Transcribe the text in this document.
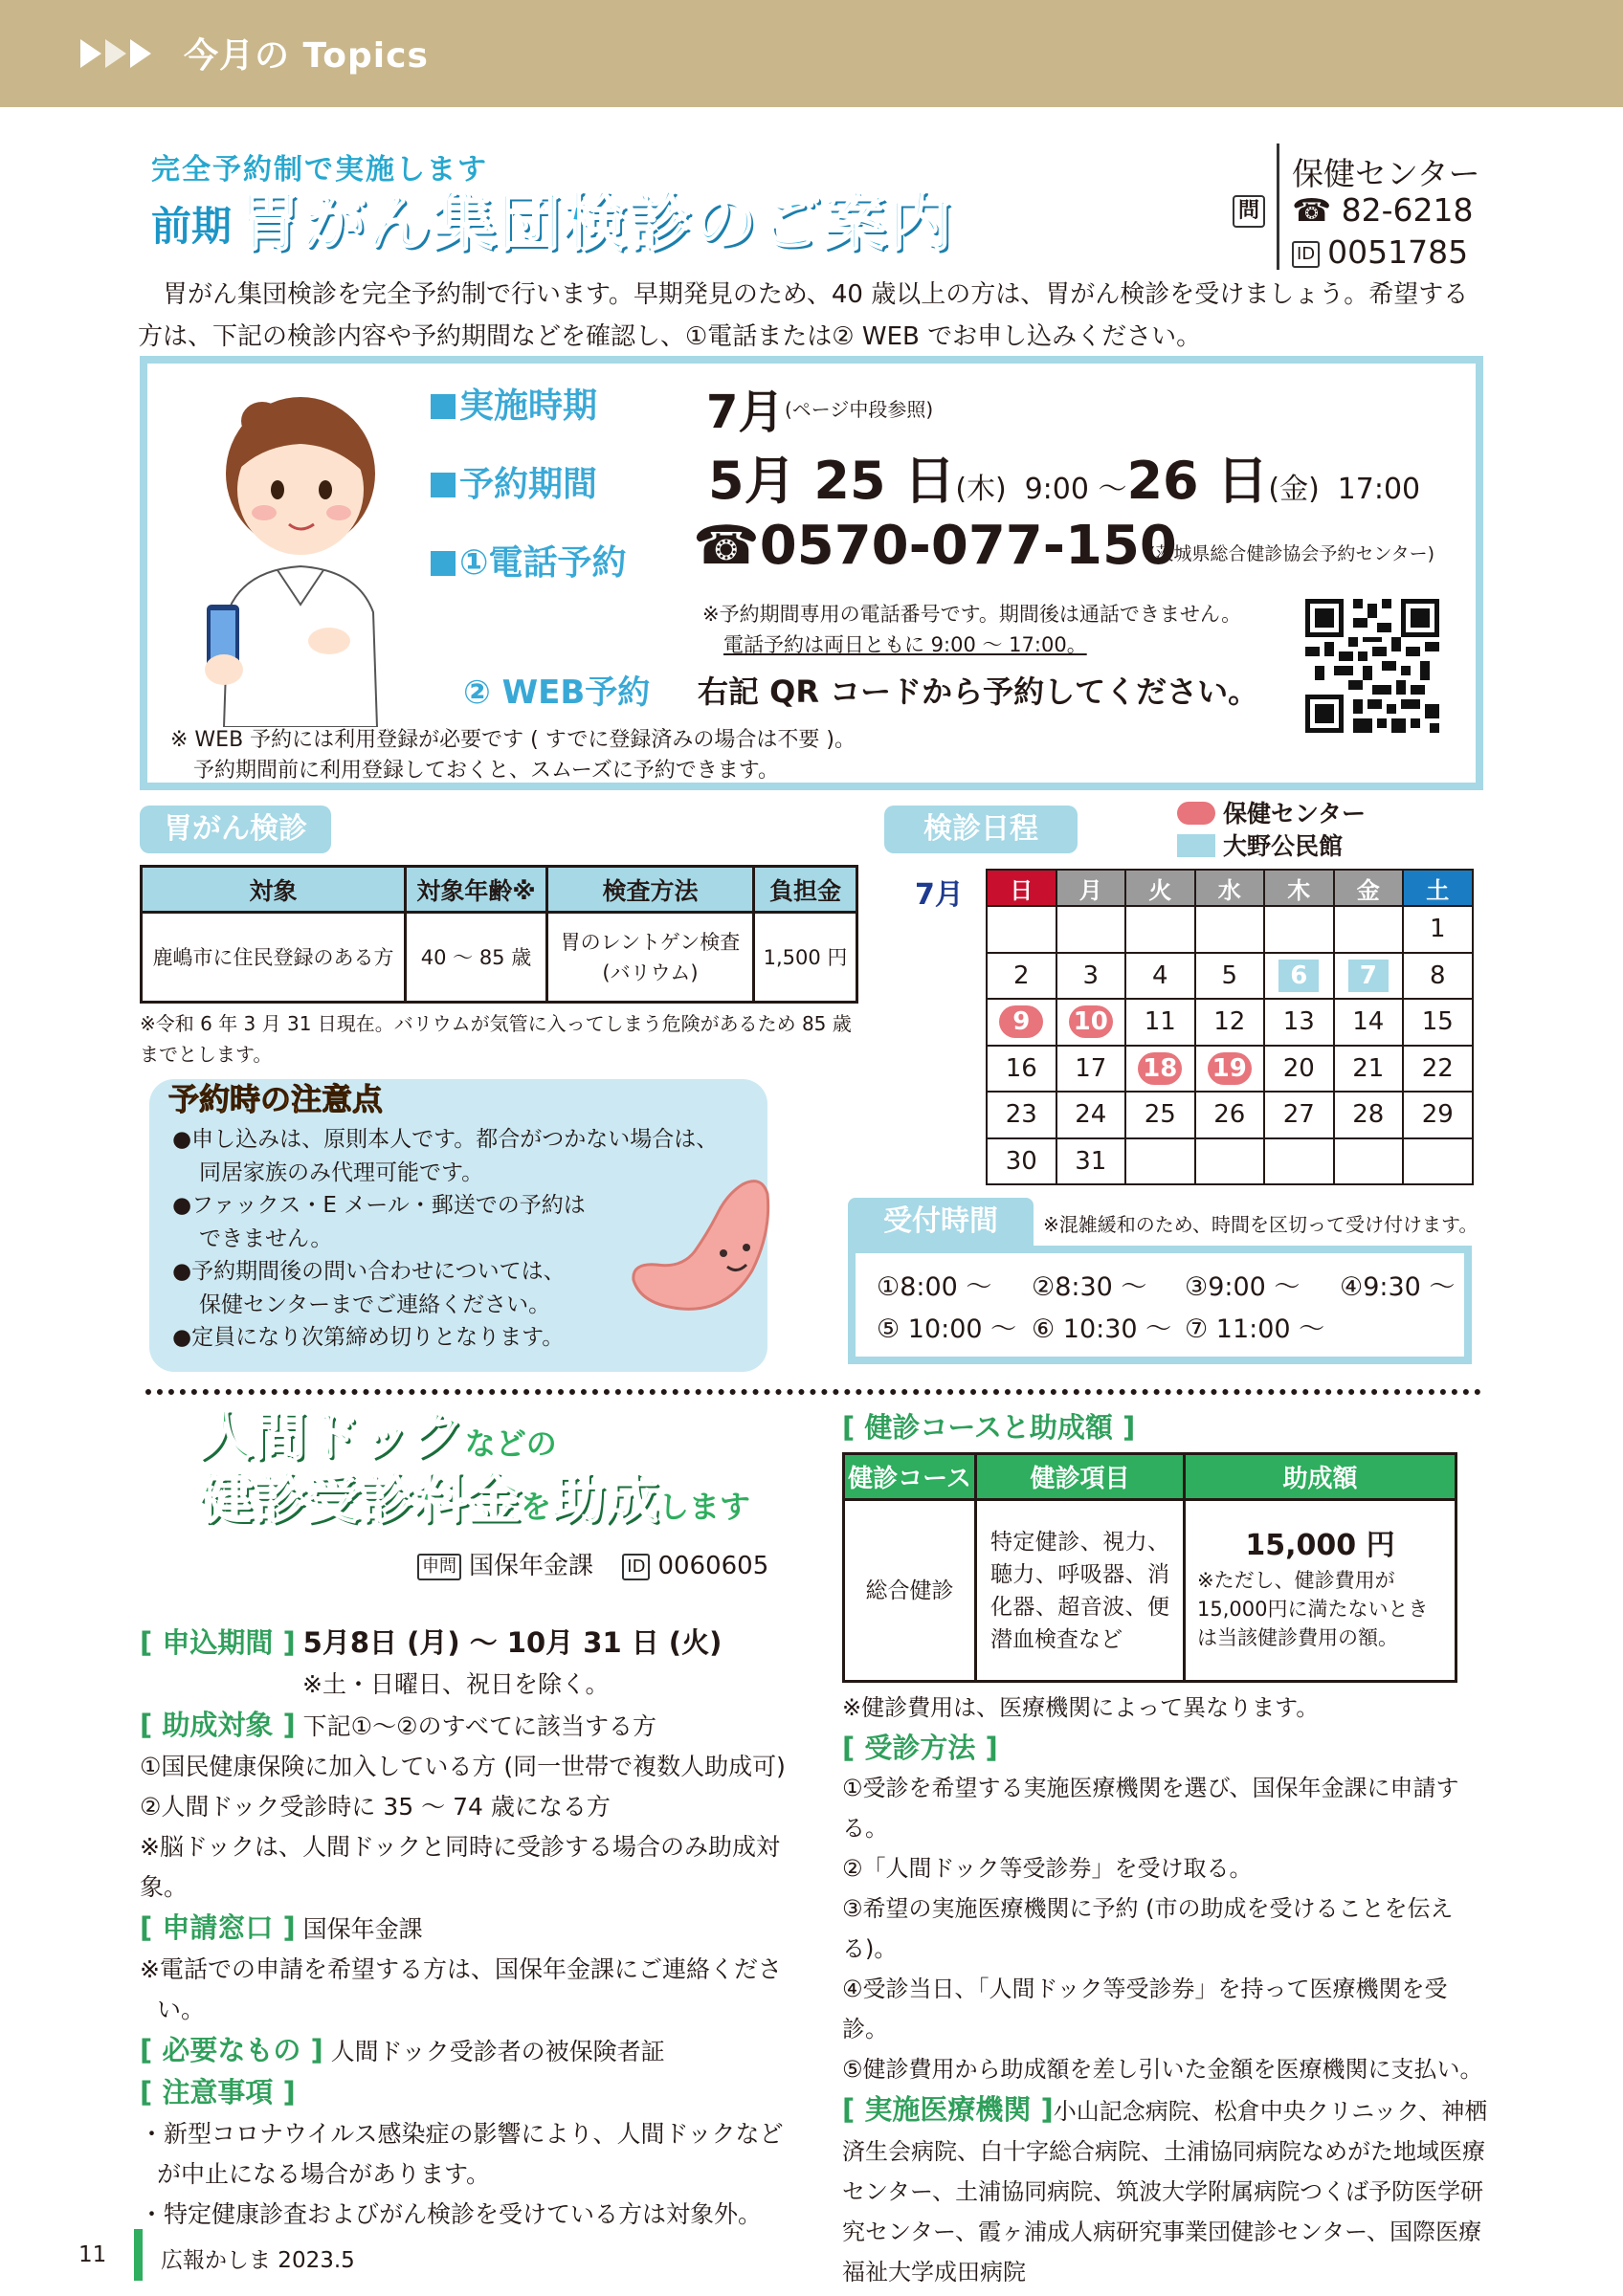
今月の Topics
完全予約制で実施します
前期 胃がん集団検診のご案内	問
保健センター
☎ 82-6218
ID 0051785
胃がん集団検診を完全予約制で行います。早期発見のため、40 歳以上の方は、胃がん検診を受けましょう。希望する方は、下記の検診内容や予約期間などを確認し、①電話または② WEB でお申し込みください。
実施時期 7月 (ページ中段参照)
予約期間 5月 25 日(木) 9:00 ～26 日(金) 17:00
①電話予約 ☎0570-077-150
(茨城県総合健診協会予約センター)
※予約期間専用の電話番号です。期間後は通話できません。
電話予約は両日ともに 9:00 ～ 17:00。
② WEB予約 右記 QR コードから予約してください。
※ WEB 予約には利用登録が必要です ( すでに登録済みの場合は不要 )。
予約期間前に利用登録しておくと、スムーズに予約できます。
胃がん検診
対象	対象年齢※	検査方法	負担金
鹿嶋市に住民登録のある方	40 ～ 85 歳	胃のレントゲン検査
(バリウム)	1,500 円
※令和 6 年 3 月 31 日現在。バリウムが気管に入ってしまう危険があるため 85 歳までとします。
予約時の注意点
●申し込みは、原則本人です。都合がつかない場合は、
同居家族のみ代理可能です。
●ファックス・E メール・郵送での予約は
できません。
●予約期間後の問い合わせについては、
保健センターまでご連絡ください。
●定員になり次第締め切りとなります。
検診日程	保健センター
大野公民館
7月 日	月	火	水	木	金	土
						1
2	3	4	5	6	7	8
9	10	11	12	13	14	15
16	17	18	19	20	21	22
23	24	25	26	27	28	29
30	31					
受付時間	※混雑緩和のため、時間を区切って受け付けます。
①8:00 ～ ②8:30 ～ ③9:00 ～ ④9:30 ～
⑤ 10:00 ～ ⑥ 10:30 ～ ⑦ 11:00 ～
人間ドックなどの
健診受診料金を助成します
申問 国保年金課 ID 0060605
[ 申込期間 ] 5月8日 (月) ～ 10月 31 日 (火)
※土・日曜日、祝日を除く。
[ 助成対象 ] 下記①～②のすべてに該当する方
①国民健康保険に加入している方 (同一世帯で複数人助成可)
②人間ドック受診時に 35 ～ 74 歳になる方
※脳ドックは、人間ドックと同時に受診する場合のみ助成対象。
[ 申請窓口 ] 国保年金課
※電話での申請を希望する方は、国保年金課にご連絡ください。
[ 必要なもの ] 人間ドック受診者の被保険者証
[ 注意事項 ]
・新型コロナウイルス感染症の影響により、人間ドックなどが中止になる場合があります。
・特定健康診査およびがん検診を受けている方は対象外。
[ 健診コースと助成額 ]
健診コース	健診項目	助成額
総合健診	特定健診、視力、聴力、呼吸器、消化器、超音波、便潜血検査など	15,000 円
※ただし、健診費用が 15,000円に満たないときは当該健診費用の額。
※健診費用は、医療機関によって異なります。
[ 受診方法 ]
①受診を希望する実施医療機関を選び、国保年金課に申請する。
②「人間ドック等受診券」を受け取る。
③希望の実施医療機関に予約 (市の助成を受けることを伝える)。
④受診当日、「人間ドック等受診券」を持って医療機関を受診。
⑤健診費用から助成額を差し引いた金額を医療機関に支払い。
[ 実施医療機関 ]小山記念病院、松倉中央クリニック、神栖済生会病院、白十字総合病院、土浦協同病院なめがた地域医療センター、土浦協同病院、筑波大学附属病院つくば予防医学研究センター、霞ヶ浦成人病研究事業団健診センター、国際医療福祉大学成田病院
11 広報かしま 2023.5
